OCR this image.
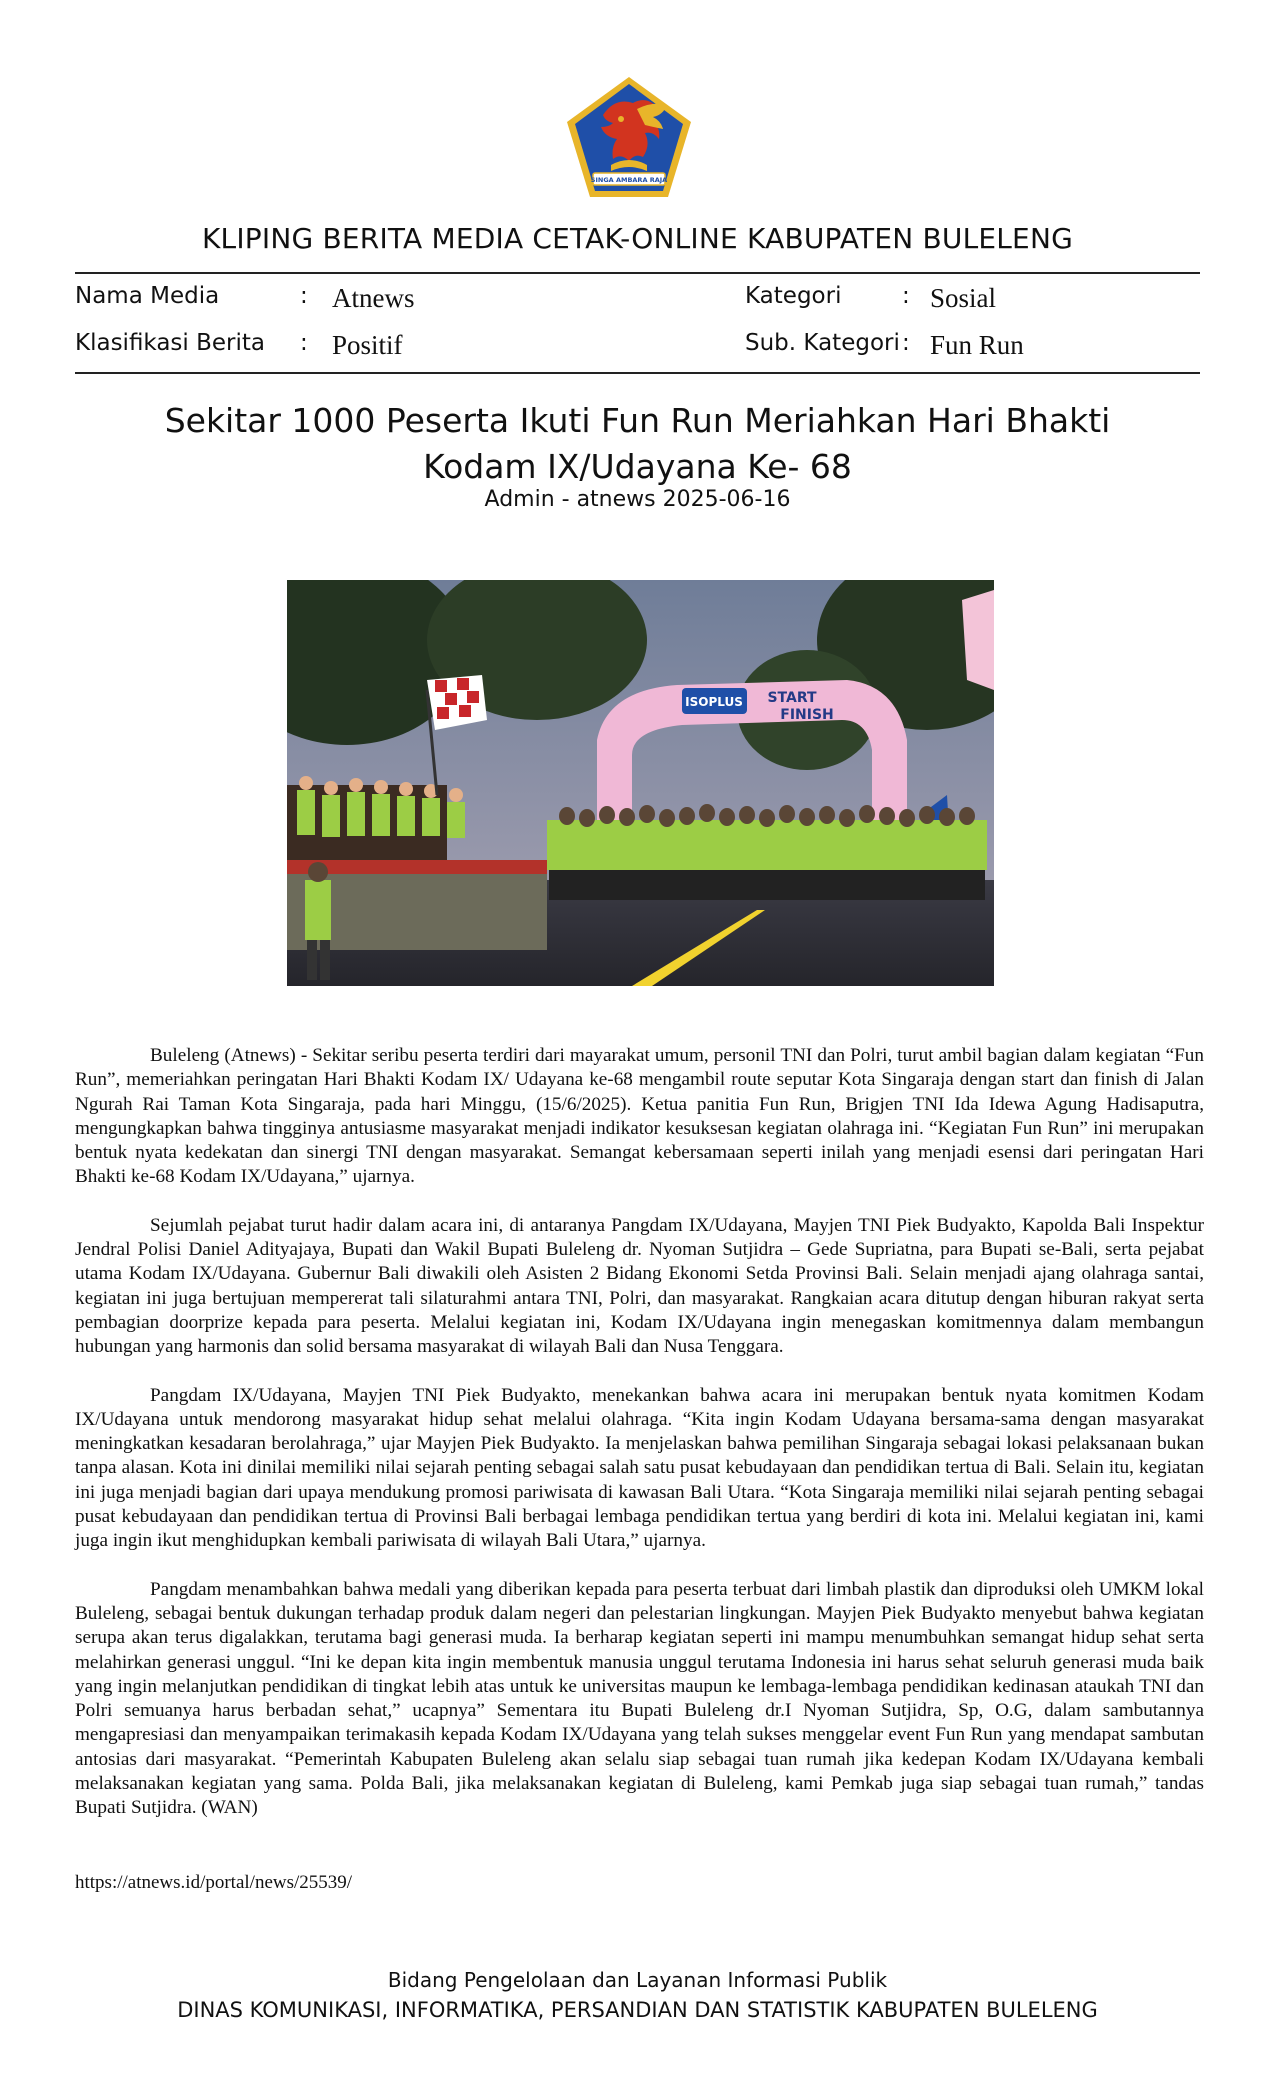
SINGA AMBARA RAJA
KLIPING BERITA MEDIA CETAK-ONLINE KABUPATEN BULELENG
Nama Media	: Atnews	Kategori	: Sosial
Klasifikasi Berita : Positif	Sub. Kategori : Fun Run
Sekitar 1000 Peserta Ikuti Fun Run Meriahkan Hari Bhakti
Kodam IX/Udayana Ke- 68
Admin - atnews 2025-06-16
ISOPLUS START
FINISH

Buleleng (Atnews) - Sekitar seribu peserta terdiri dari mayarakat umum, personil TNI dan Polri, turut ambil bagian dalam kegiatan “Fun Run”, memeriahkan peringatan Hari Bhakti Kodam IX/ Udayana ke-68 mengambil route seputar Kota Singaraja dengan start dan finish di Jalan Ngurah Rai Taman Kota Singaraja, pada hari Minggu, (15/6/2025). Ketua panitia Fun Run, Brigjen TNI Ida Idewa Agung Hadisaputra, mengungkapkan bahwa tingginya antusiasme masyarakat menjadi indikator kesuksesan kegiatan olahraga ini. “Kegiatan Fun Run” ini merupakan bentuk nyata kedekatan dan sinergi TNI dengan masyarakat. Semangat kebersamaan seperti inilah yang menjadi esensi dari peringatan Hari Bhakti ke-68 Kodam IX/Udayana,” ujarnya.

Sejumlah pejabat turut hadir dalam acara ini, di antaranya Pangdam IX/Udayana, Mayjen TNI Piek Budyakto, Kapolda Bali Inspektur Jendral Polisi Daniel Adityajaya, Bupati dan Wakil Bupati Buleleng dr. Nyoman Sutjidra – Gede Supriatna, para Bupati se-Bali, serta pejabat utama Kodam IX/Udayana. Gubernur Bali diwakili oleh Asisten 2 Bidang Ekonomi Setda Provinsi Bali. Selain menjadi ajang olahraga santai, kegiatan ini juga bertujuan mempererat tali silaturahmi antara TNI, Polri, dan masyarakat. Rangkaian acara ditutup dengan hiburan rakyat serta pembagian doorprize kepada para peserta. Melalui kegiatan ini, Kodam IX/Udayana ingin menegaskan komitmennya dalam membangun hubungan yang harmonis dan solid bersama masyarakat di wilayah Bali dan Nusa Tenggara.

Pangdam IX/Udayana, Mayjen TNI Piek Budyakto, menekankan bahwa acara ini merupakan bentuk nyata komitmen Kodam IX/Udayana untuk mendorong masyarakat hidup sehat melalui olahraga. “Kita ingin Kodam Udayana bersama-sama dengan masyarakat meningkatkan kesadaran berolahraga,” ujar Mayjen Piek Budyakto. Ia menjelaskan bahwa pemilihan Singaraja sebagai lokasi pelaksanaan bukan tanpa alasan. Kota ini dinilai memiliki nilai sejarah penting sebagai salah satu pusat kebudayaan dan pendidikan tertua di Bali. Selain itu, kegiatan ini juga menjadi bagian dari upaya mendukung promosi pariwisata di kawasan Bali Utara. “Kota Singaraja memiliki nilai sejarah penting sebagai pusat kebudayaan dan pendidikan tertua di Provinsi Bali berbagai lembaga pendidikan tertua yang berdiri di kota ini. Melalui kegiatan ini, kami juga ingin ikut menghidupkan kembali pariwisata di wilayah Bali Utara,” ujarnya.

Pangdam menambahkan bahwa medali yang diberikan kepada para peserta terbuat dari limbah plastik dan diproduksi oleh UMKM lokal Buleleng, sebagai bentuk dukungan terhadap produk dalam negeri dan pelestarian lingkungan. Mayjen Piek Budyakto menyebut bahwa kegiatan serupa akan terus digalakkan, terutama bagi generasi muda. Ia berharap kegiatan seperti ini mampu menumbuhkan semangat hidup sehat serta melahirkan generasi unggul. “Ini ke depan kita ingin membentuk manusia unggul terutama Indonesia ini harus sehat seluruh generasi muda baik yang ingin melanjutkan pendidikan di tingkat lebih atas untuk ke universitas maupun ke lembaga-lembaga pendidikan kedinasan ataukah TNI dan Polri semuanya harus berbadan sehat,” ucapnya” Sementara itu Bupati Buleleng dr.I Nyoman Sutjidra, Sp, O.G, dalam sambutannya mengapresiasi dan menyampaikan terimakasih kepada Kodam IX/Udayana yang telah sukses menggelar event Fun Run yang mendapat sambutan antosias dari masyarakat. “Pemerintah Kabupaten Buleleng akan selalu siap sebagai tuan rumah jika kedepan Kodam IX/Udayana kembali melaksanakan kegiatan yang sama. Polda Bali, jika melaksanakan kegiatan di Buleleng, kami Pemkab juga siap sebagai tuan rumah,” tandas Bupati Sutjidra. (WAN)

https://atnews.id/portal/news/25539/
Bidang Pengelolaan dan Layanan Informasi Publik
DINAS KOMUNIKASI, INFORMATIKA, PERSANDIAN DAN STATISTIK KABUPATEN BULELENG
